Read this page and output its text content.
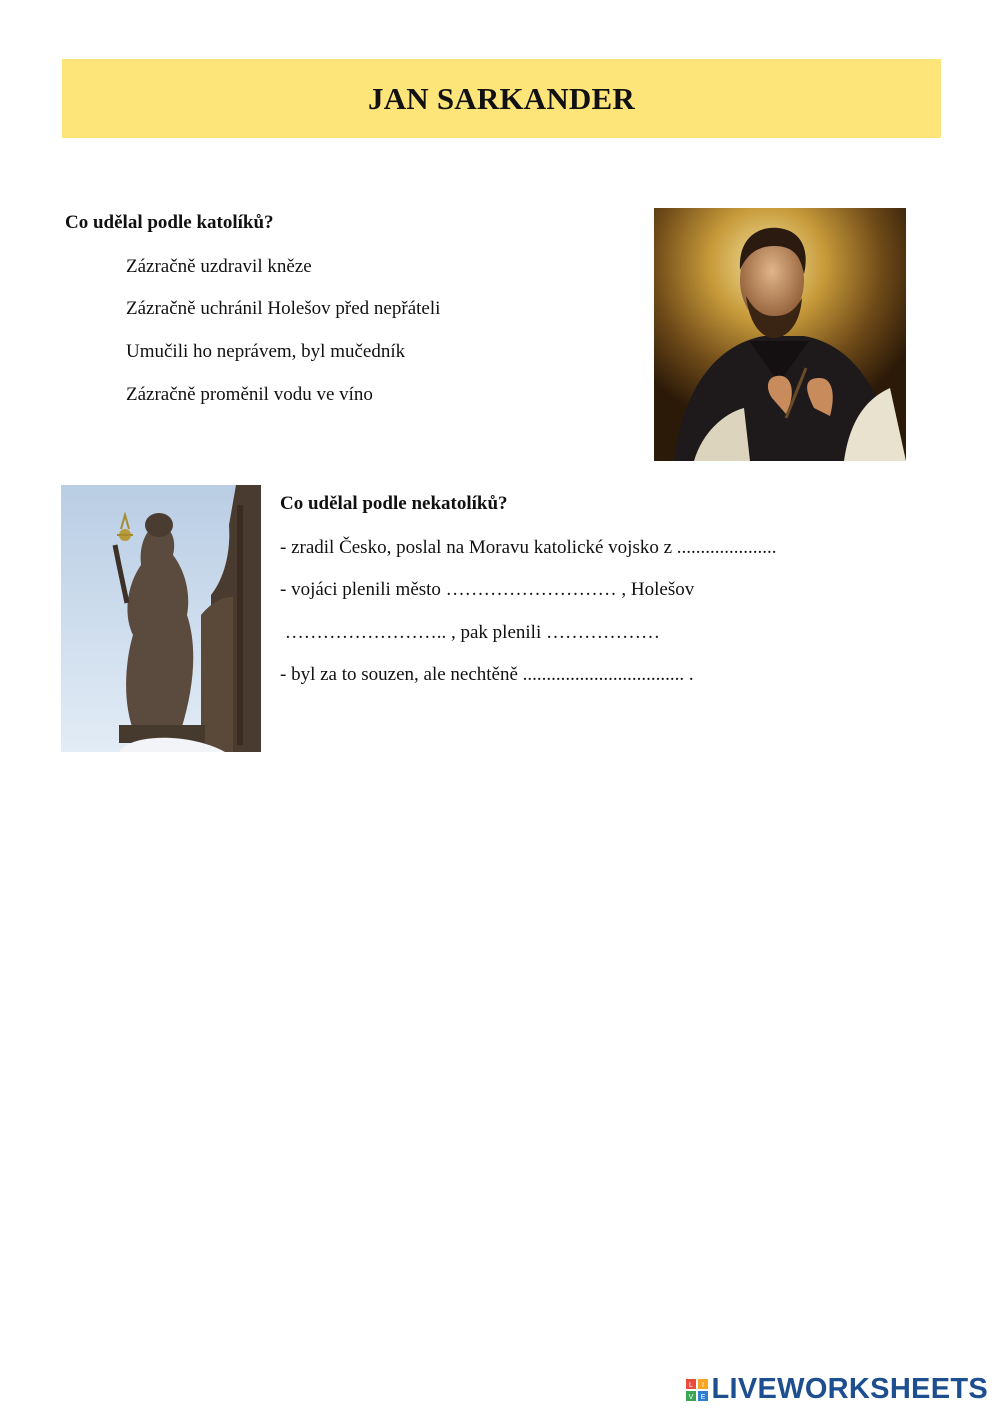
JAN SARKANDER

Co udělal podle katolíků?

Zázračně uzdravil kněze
Zázračně uchránil Holešov před nepřáteli
Umučili ho neprávem, byl mučedník
Zázračně proměnil vodu ve víno

Co udělal podle nekatolíků?

- zradil Česko, poslal na Moravu katolické vojsko z .....................
- vojáci plenili město ……………………… , Holešov
…………………….. , pak plenili ………………
- byl za to souzen, ale nechtěně .................................. .
L I
V E LIVEWORKSHEETS
